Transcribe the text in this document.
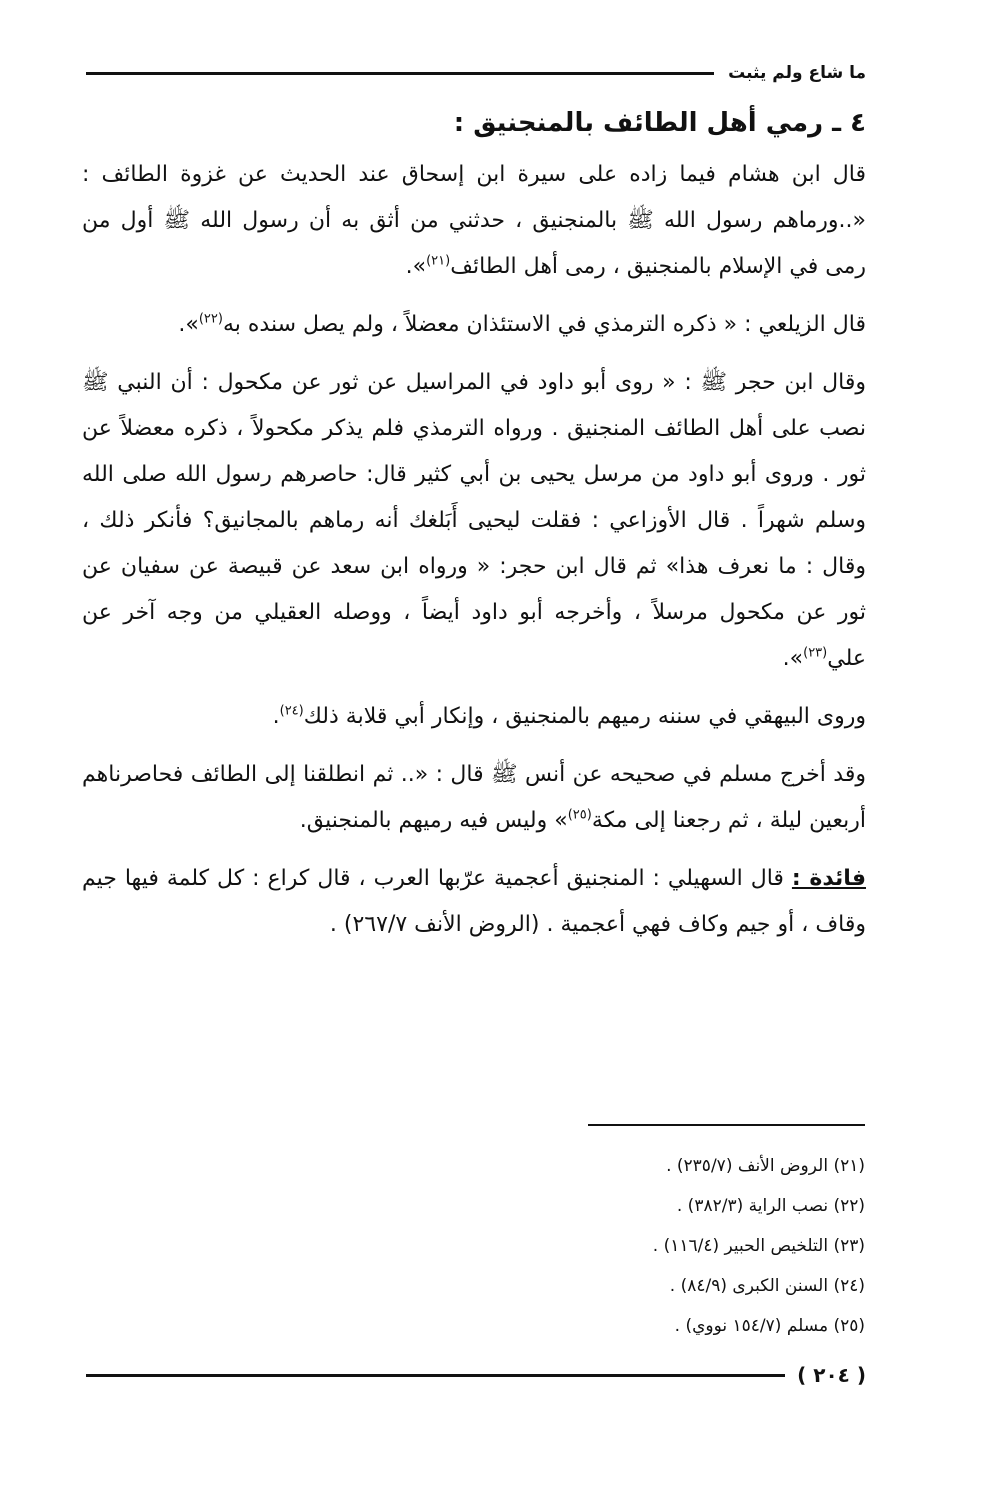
ما شاع ولم يثبت
٤ ـ رمي أهل الطائف بالمنجنيق :

قال ابن هشام فيما زاده على سيرة ابن إسحاق عند الحديث عن غزوة الطائف : «..ورماهم رسول الله ﷺ بالمنجنيق ، حدثني من أثق به أن رسول الله ﷺ أول من رمى في الإسلام بالمنجنيق ، رمى أهل الطائف$^{(٢١)}$».

قال الزيلعي : « ذكره الترمذي في الاستئذان معضلاً ، ولم يصل سنده به$^{(٢٢)}$».

وقال ابن حجر ﷺ : « روى أبو داود في المراسيل عن ثور عن مكحول : أن النبي ﷺ نصب على أهل الطائف المنجنيق . ورواه الترمذي فلم يذكر مكحولاً ، ذكره معضلاً عن ثور . وروى أبو داود من مرسل يحيى بن أبي كثير قال: حاصرهم رسول الله صلى الله وسلم شهراً . قال الأوزاعي : فقلت ليحيى أَبَلغك أنه رماهم بالمجانيق؟ فأنكر ذلك ، وقال : ما نعرف هذا» ثم قال ابن حجر: « ورواه ابن سعد عن قبيصة عن سفيان عن ثور عن مكحول مرسلاً ، وأخرجه أبو داود أيضاً ، ووصله العقيلي من وجه آخر عن علي$^{(٢٣)}$».

وروى البيهقي في سننه رميهم بالمنجنيق ، وإنكار أبي قلابة ذلك$^{(٢٤)}$.

وقد أخرج مسلم في صحيحه عن أنس ﷺ قال : «.. ثم انطلقنا إلى الطائف فحاصرناهم أربعين ليلة ، ثم رجعنا إلى مكة$^{(٢٥)}$» وليس فيه رميهم بالمنجنيق.

فائدة : قال السهيلي : المنجنيق أعجمية عرّبها العرب ، قال كراع : كل كلمة فيها جيم وقاف ، أو جيم وكاف فهي أعجمية . (الروض الأنف ٢٦٧/٧) .

(٢١) الروض الأنف (٢٣٥/٧) .
(٢٢) نصب الراية (٣٨٢/٣) .
(٢٣) التلخيص الحبير (١١٦/٤) .
(٢٤) السنن الكبرى (٨٤/٩) .
(٢٥) مسلم (١٥٤/٧ نووي) .
( ٢٠٤ )
